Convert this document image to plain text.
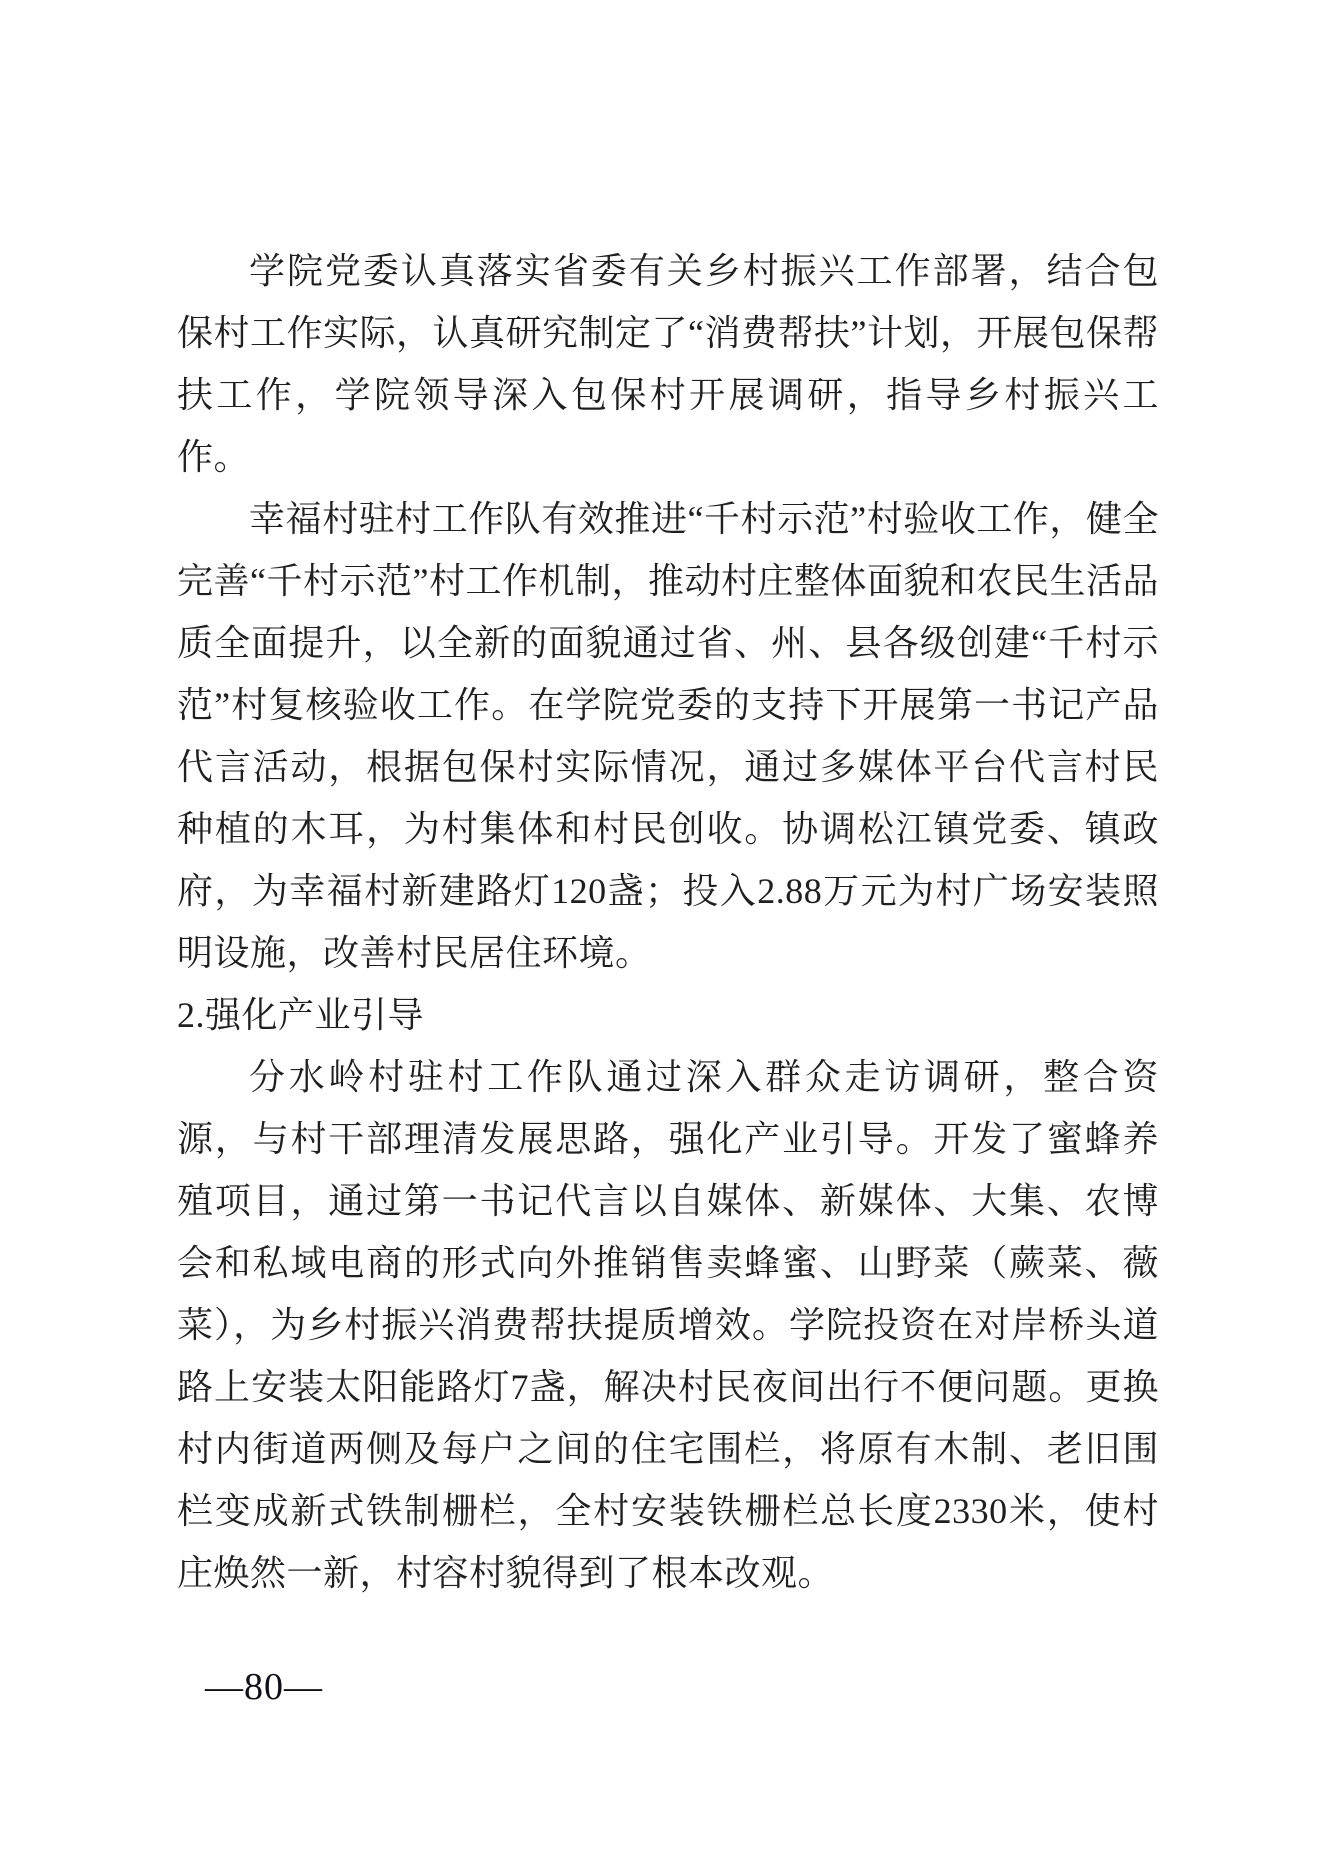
学院党委认真落实省委有关乡村振兴工作部署，结合包保村工作实际，认真研究制定了“消费帮扶”计划，开展包保帮扶工作，学院领导深入包保村开展调研，指导乡村振兴工作。

幸福村驻村工作队有效推进“千村示范”村验收工作，健全完善“千村示范”村工作机制，推动村庄整体面貌和农民生活品质全面提升，以全新的面貌通过省、州、县各级创建“千村示范”村复核验收工作。在学院党委的支持下开展第一书记产品代言活动，根据包保村实际情况，通过多媒体平台代言村民种植的木耳，为村集体和村民创收。协调松江镇党委、镇政府，为幸福村新建路灯120盏；投入2.88万元为村广场安装照明设施，改善村民居住环境。

2.强化产业引导

分水岭村驻村工作队通过深入群众走访调研，整合资源，与村干部理清发展思路，强化产业引导。开发了蜜蜂养殖项目，通过第一书记代言以自媒体、新媒体、大集、农博会和私域电商的形式向外推销售卖蜂蜜、山野菜（蕨菜、薇菜），为乡村振兴消费帮扶提质增效。学院投资在对岸桥头道路上安装太阳能路灯7盏，解决村民夜间出行不便问题。更换村内街道两侧及每户之间的住宅围栏，将原有木制、老旧围栏变成新式铁制栅栏，全村安装铁栅栏总长度2330米，使村庄焕然一新，村容村貌得到了根本改观。

—80—
